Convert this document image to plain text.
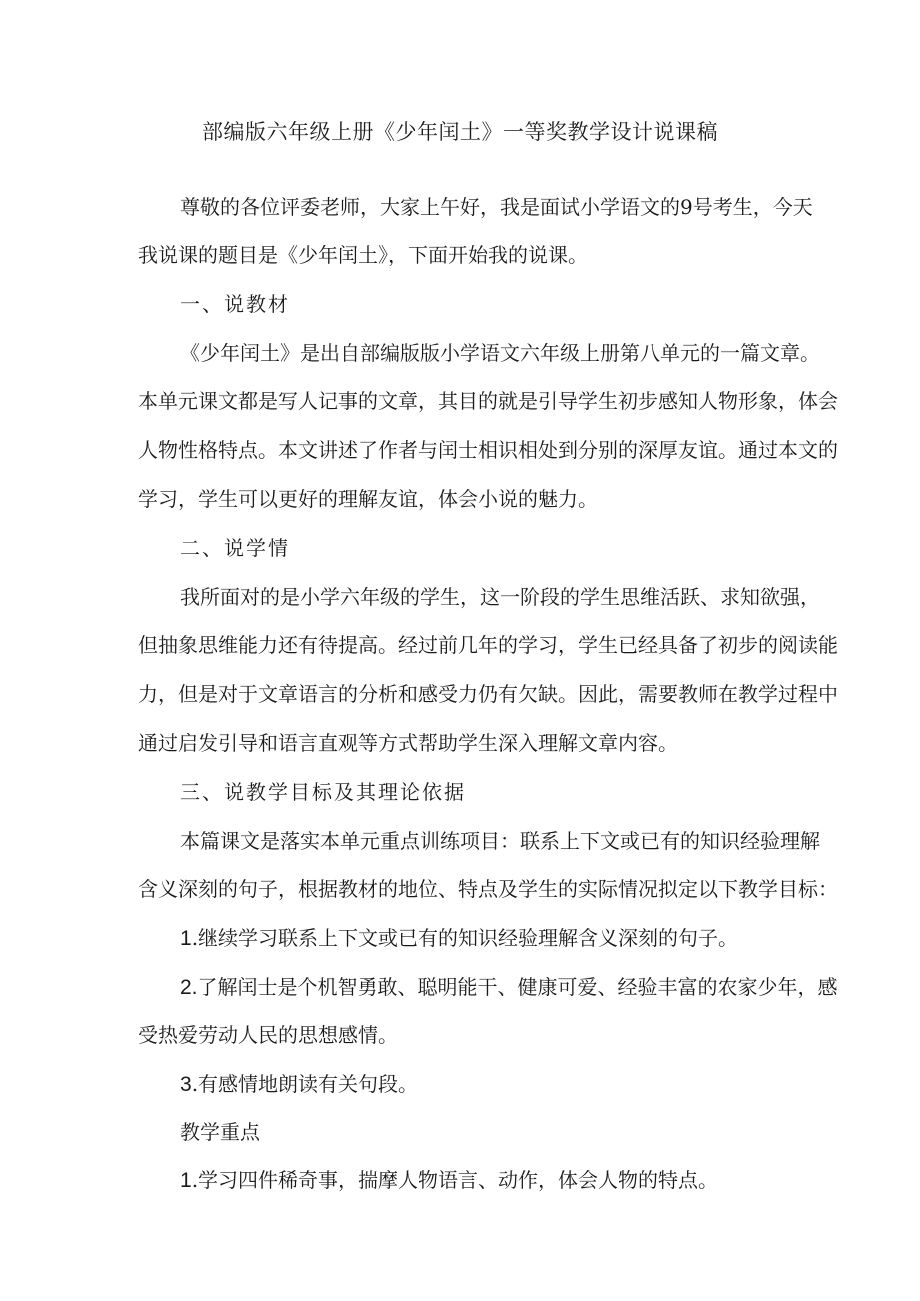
部编版六年级上册《少年闰土》一等奖教学设计说课稿
尊敬的各位评委老师，大家上午好，我是面试小学语文的9号考生，今天
我说课的题目是《少年闰土》，下面开始我的说课。
一、说教材
《少年闰土》是出自部编版版小学语文六年级上册第八单元的一篇文章。
本单元课文都是写人记事的文章，其目的就是引导学生初步感知人物形象，体会
人物性格特点。本文讲述了作者与闰士相识相处到分别的深厚友谊。通过本文的
学习，学生可以更好的理解友谊，体会小说的魅力。
二、说学情
我所面对的是小学六年级的学生，这一阶段的学生思维活跃、求知欲强，
但抽象思维能力还有待提高。经过前几年的学习，学生已经具备了初步的阅读能
力，但是对于文章语言的分析和感受力仍有欠缺。因此，需要教师在教学过程中
通过启发引导和语言直观等方式帮助学生深入理解文章内容。
三、说教学目标及其理论依据
本篇课文是落实本单元重点训练项目：联系上下文或已有的知识经验理解
含义深刻的句子，根据教材的地位、特点及学生的实际情况拟定以下教学目标：
1.继续学习联系上下文或已有的知识经验理解含义深刻的句子。
2.了解闰士是个机智勇敢、聪明能干、健康可爱、经验丰富的农家少年，感
受热爱劳动人民的思想感情。
3.有感情地朗读有关句段。
教学重点
1.学习四件稀奇事，揣摩人物语言、动作，体会人物的特点。
